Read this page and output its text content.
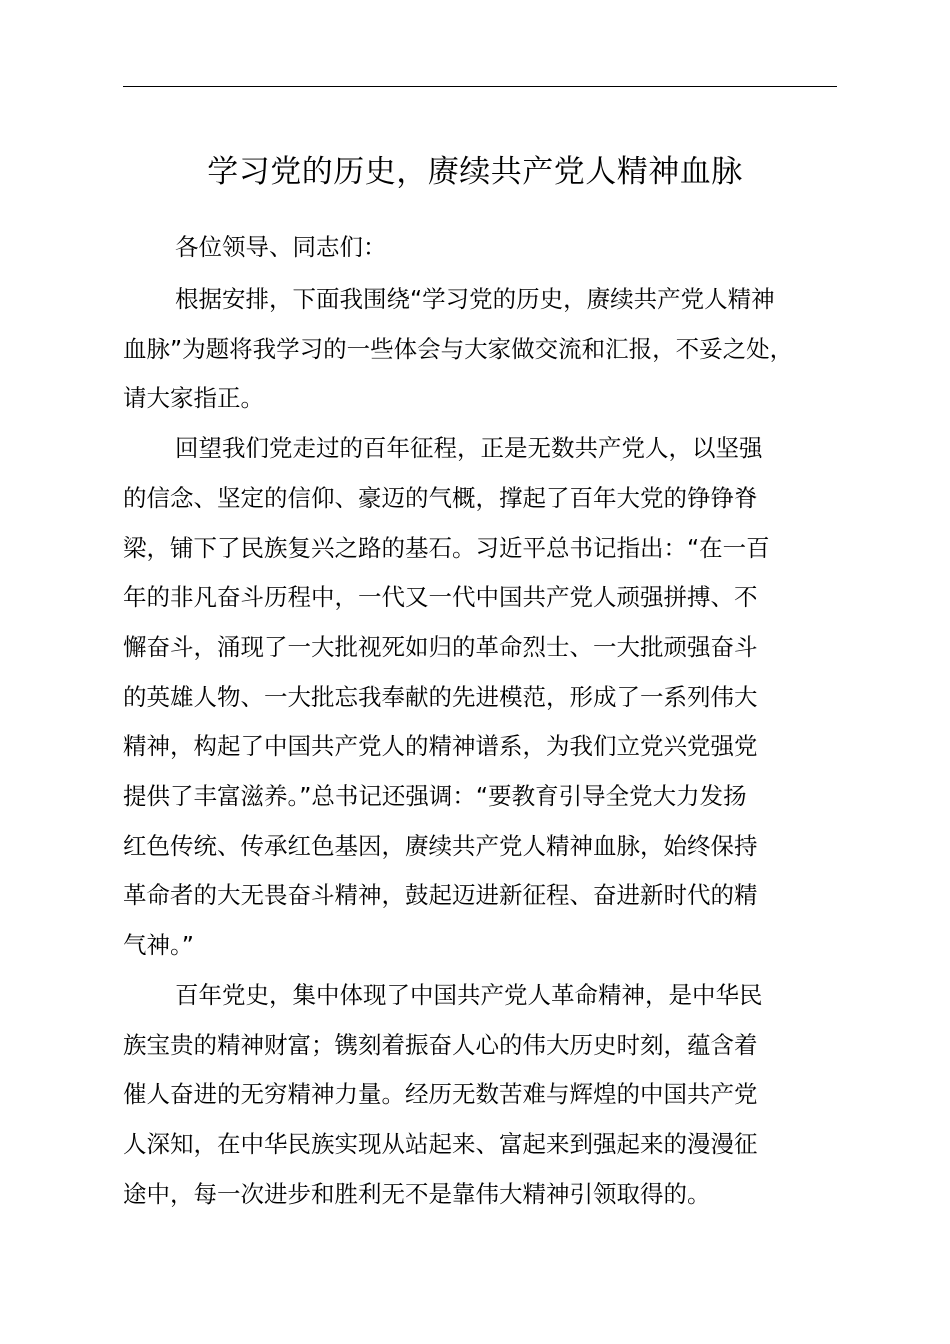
学习党的历史，赓续共产党人精神血脉
各位领导、同志们：
根据安排，下面我围绕“学习党的历史，赓续共产党人精神
血脉”为题将我学习的一些体会与大家做交流和汇报，不妥之处，
请大家指正。
回望我们党走过的百年征程，正是无数共产党人，以坚强
的信念、坚定的信仰、豪迈的气概，撑起了百年大党的铮铮脊
梁，铺下了民族复兴之路的基石。习近平总书记指出：“在一百
年的非凡奋斗历程中，一代又一代中国共产党人顽强拼搏、不
懈奋斗，涌现了一大批视死如归的革命烈士、一大批顽强奋斗
的英雄人物、一大批忘我奉献的先进模范，形成了一系列伟大
精神，构起了中国共产党人的精神谱系，为我们立党兴党强党
提供了丰富滋养。”总书记还强调：“要教育引导全党大力发扬
红色传统、传承红色基因，赓续共产党人精神血脉，始终保持
革命者的大无畏奋斗精神，鼓起迈进新征程、奋进新时代的精
气神。”
百年党史，集中体现了中国共产党人革命精神，是中华民
族宝贵的精神财富；镌刻着振奋人心的伟大历史时刻，蕴含着
催人奋进的无穷精神力量。经历无数苦难与辉煌的中国共产党
人深知，在中华民族实现从站起来、富起来到强起来的漫漫征
途中，每一次进步和胜利无不是靠伟大精神引领取得的。
